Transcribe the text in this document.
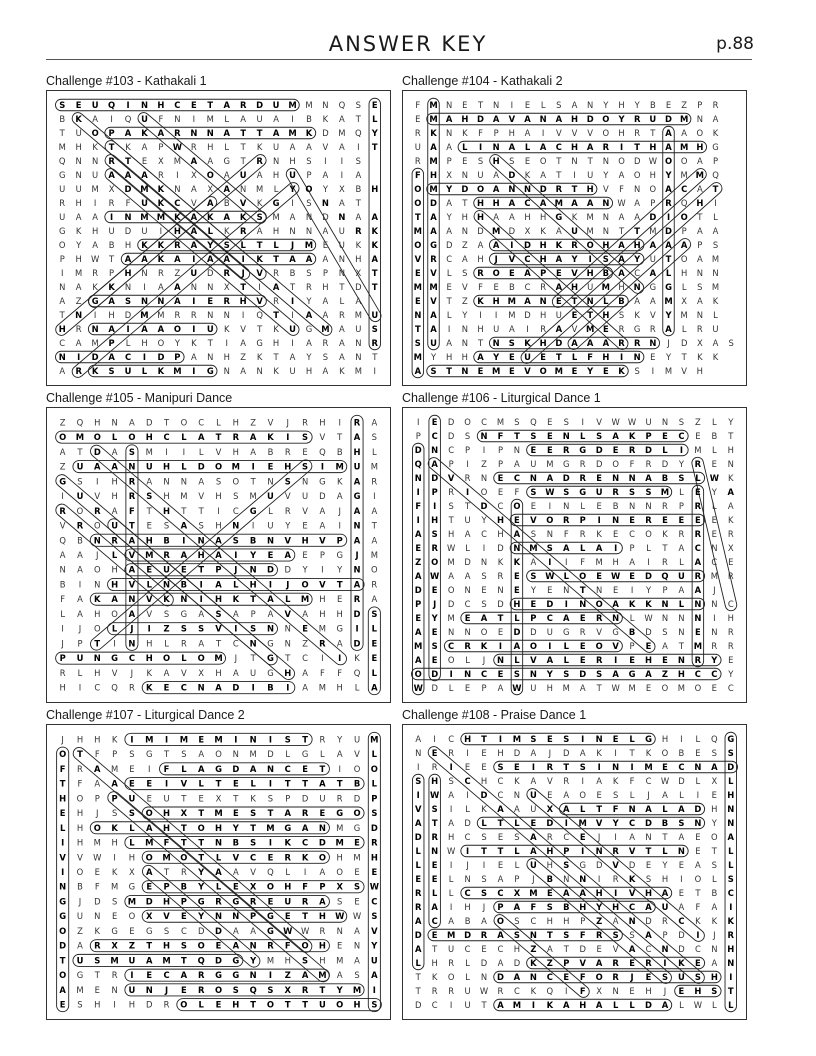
ANSWER KEY	p.88
Challenge #103 - Kathakali 1
S E U Q I N H C E T A R D U M M N Q S E
B K A I Q U F N I M L A U A I B K A T L
T U O P A K A R N N A T T A M K D M Q Y
M H K T K A P W R H L T K U A A V A I T
Q N N R T E X M A A G T R N H S I I S
G N U A A A R I X O A U A H U P A I A
U U M X D M K N A X A N M L Y O Y X B H
R H I R F U K C V A B V K G I S N A T
U A A I N M M K A K A K S M A N D N A A
G K H U D U I H A L K R A H N N A U R K
O Y A B H K K R A Y S L T L J M E U K K
P H W T A A K A I A A I K T A A A N H A
I M R P H N R Z U D R J V R B S P N X T
N A K K N I A A N N X T I A T R H T D T
A Z G A S N N A I E R H V R I Y A L A
T N I H D M M R R N N I Q T I A A R M U
H R N A I A A O I U K V T K U G M A U S
C A M P L H O Y K T I A G H I A R A N R
N I D A C I D P A N H Z K T A Y S A N T
A R K S U L K M I G N A N K U H A K M I
Challenge #104 - Kathakali 2
F M N E T N I E L S A N Y H Y B E Z P R
E M A H D A V A N A H D O Y R U D M N A
R K N K F P H A I V V V O H R T A A O K
U A A L I N A L A C H A R I T H A M H G
R M P E S H S E O T N T N O D W O O A P
F H X N U A D K A T I U Y A O H Y M M Q
O M Y D O A N N D R T H V F N O A C A T
O D A T H H A C A M A A N W A P R Q H I
T A Y H H A A H H G K M N A A D I O T L
M A A N D M D X K A U M N T T M D P A A
O G D Z A A I D H K R O H A H A A A P S
V R C A H J V C H A Y I S A Y U T O A M
E V L S R O E A P E V H B A C A L H N N
M M E V F E B C R A H U M H N G G L S M
E V T Z K H M A N E T N L B A A M X A K
N A L Y I I M D H U E T H S K V Y M N L
T A I N H U A I R A V M E R G R A L R U
S U A N T N S K H D A A A R R N J D X A S
M Y H H A Y E U E T L F H I N E Y T K K
A S T N E M E V O M E Y E K S I M V H
Challenge #105 - Manipuri Dance
Z Q H N A D T O C L H Z V J R H I R A
O M O L O H C L A T R A K I S V T A S
A T D A S M I I L V H A B R E Q B H L
Z U A A N U H L D O M I E H S I M U M
G S I H R A N N A S O T N S N G K A R
I U V H R S H M V H S M U V U D A G I
R O R A F T H T T I C G L R V A J A A
V R O U T E S A S H N I U Y E A I N T
Q B N R A H B I N A S B N V H V P A A
A A J L V M R A H A I Y E A E P G J M
N A O H A E U E T P J N D D Y I Y N O
B I N H V L N B I A L H I J O V T A R
F A K A N V K N I H K T A L M H E R A
L A H O A V S G A S A P A V A H H D S
I J O L J I Z S S V I S N N E M G I L
J P T I N H L R A T C N G N Z R A D E
P U N G C H O L O M J T G T C I I K E
R L H V J K A V X H A U G H A F F Q L
H I C Q R K E C N A D I B I A M H L A
Challenge #106 - Liturgical Dance 1
I E D O C M S Q E S I V W W U N S Z L Y
P C D S N F T S E N L S A K P E C E B T
D N C P I P N E E R G D E R D L I M L H
Q A P I Z P A U M G R D O F R D Y R E N
N D V R N E C N A D R E N N A B S L W K
I P R I O E F S W S G U R S S M L E Y A
F I S T D C O E I N L E B N N R P R L A
I H T U Y H E V O R P I N E R E E E E K
A S H A C H A S N F R K E C O K R R E R
E R W L I D N M S A L A I P L T A C N X
Z O M D N K K A I I F M H A I R L A C E
A W A A S R E S W L O E W E D Q U R M R
D E O N E N E Y E N T N E I Y P A A J
P J D C S D H E D I N O A K K N L N N C
E Y M E A T L P C A E R N L W N N N I H
A E N N O E D D U G R V G B D S N E N R
M S C R K I A O I L E O V P E A T M R R
A E O L J N L V A L E R I E H E N R Y E
O D I N C E S N Y S D S A G A Z H C C Y
W D L E P A W U H M A T W M E O M O E C
Challenge #107 - Liturgical Dance 2
J H H K I M I M E M I N I S T R Y U M
O T F P S G T S A O N M D L G L A V L
F R A M E I F L A G D A N C E T I O O
T F A A E E I V L T E L I T T A T B L
H O P P U E U T E X T K S P D U R D P
E H J S S O H X T M E S T A R E G O S
L H O K L A H T O H Y T M G A N M G D
I H M H L M F T T N B S I K C D M E R
V V W I H O M O T L V C E R K O H M H
I O E K X A T R Y A A V Q L I A O E E
N B F M G E P B Y L E X O H F P X S W
G J D S M D H P G R G R E U R A S E C
G U N E O X V E Y N N P G E T H W W S
O Z K G E G S C D D A A G W W R N A V
D A R X Z T H S O E A N R F O H E N Y
T U S M U A M T Q D G Y M H S H M A U
O G T R I E C A R G G N I Z A M A S A
A M E N U N J E R O S Q S X R T Y M I
E S H I H D R O L E H T O T T U O H S
Challenge #108 - Praise Dance 1
A I C H T I M S E S I N E L G H I L Q G
N E R I E H D A J D A K I T K O B E S S
I R I E E S E I R T S I N I M E C N A D
S H S C H C K A V R I A K F C W D L X L
I W A I D C N U E A O E S L J A L I E H
V S I L K A A U X A L T F N A L A D H N
A T A D L T L E D I M V Y C D B S N Y N
D R H C S E S A R C E J I A N T A E O A
L N W I T T L A H P I N R V T L N E T L
L E I J I E L U H S G D V D E Y E A S L
E E L N S A P J B N N I R K S H I O L S
R L L C S C X M E A A H I V H A E T B C
R A I H J P A F S B H Y H C A U A F A I
A C A B A O S C H H P Z A N D R C K K K
D E M D R A S N T S F R S S A P D I J R
A T U C E C H Z A T D E V A C N D C N H
L H R L D A D K Z P V A R E R I K E A N
T K O L N D A N C E F O R J E S U S H I
T R R U W R C K Q I F X N E H J E H S T
D C I U T A M I K A H A L L D A L W L L
